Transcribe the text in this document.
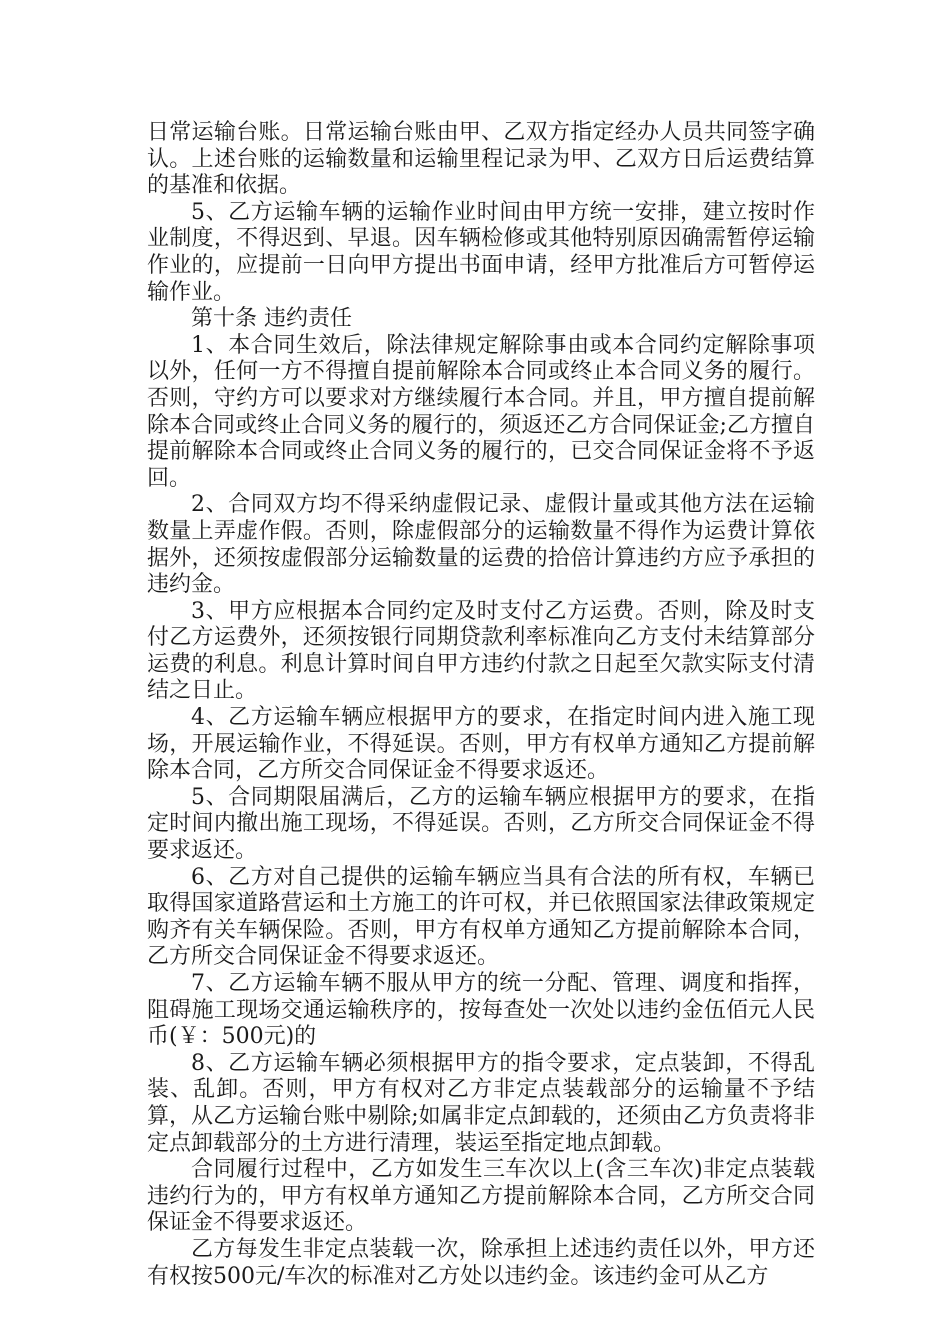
日常运输台账。日常运输台账由甲、乙双方指定经办人员共同签字确认。上述台账的运输数量和运输里程记录为甲、乙双方日后运费结算的基准和依据。

5、乙方运输车辆的运输作业时间由甲方统一安排，建立按时作业制度，不得迟到、早退。因车辆检修或其他特别原因确需暂停运输作业的，应提前一日向甲方提出书面申请，经甲方批准后方可暂停运输作业。

第十条 违约责任

1、本合同生效后，除法律规定解除事由或本合同约定解除事项以外，任何一方不得擅自提前解除本合同或终止本合同义务的履行。否则，守约方可以要求对方继续履行本合同。并且，甲方擅自提前解除本合同或终止合同义务的履行的，须返还乙方合同保证金;乙方擅自提前解除本合同或终止合同义务的履行的，已交合同保证金将不予返回。

2、合同双方均不得采纳虚假记录、虚假计量或其他方法在运输数量上弄虚作假。否则，除虚假部分的运输数量不得作为运费计算依据外，还须按虚假部分运输数量的运费的拾倍计算违约方应予承担的违约金。

3、甲方应根据本合同约定及时支付乙方运费。否则，除及时支付乙方运费外，还须按银行同期贷款利率标准向乙方支付未结算部分运费的利息。利息计算时间自甲方违约付款之日起至欠款实际支付清结之日止。

4、乙方运输车辆应根据甲方的要求，在指定时间内进入施工现场，开展运输作业，不得延误。否则，甲方有权单方通知乙方提前解除本合同，乙方所交合同保证金不得要求返还。

5、合同期限届满后，乙方的运输车辆应根据甲方的要求，在指定时间内撤出施工现场，不得延误。否则，乙方所交合同保证金不得要求返还。

6、乙方对自己提供的运输车辆应当具有合法的所有权，车辆已取得国家道路营运和土方施工的许可权，并已依照国家法律政策规定购齐有关车辆保险。否则，甲方有权单方通知乙方提前解除本合同，乙方所交合同保证金不得要求返还。

7、乙方运输车辆不服从甲方的统一分配、管理、调度和指挥，阻碍施工现场交通运输秩序的，按每查处一次处以违约金伍佰元人民币(￥：500元)的

8、乙方运输车辆必须根据甲方的指令要求，定点装卸，不得乱装、乱卸。否则，甲方有权对乙方非定点装载部分的运输量不予结算，从乙方运输台账中剔除;如属非定点卸载的，还须由乙方负责将非定点卸载部分的土方进行清理，装运至指定地点卸载。

合同履行过程中，乙方如发生三车次以上(含三车次)非定点装载违约行为的，甲方有权单方通知乙方提前解除本合同，乙方所交合同保证金不得要求返还。

乙方每发生非定点装载一次，除承担上述违约责任以外，甲方还有权按500元/车次的标准对乙方处以违约金。该违约金可从乙方
